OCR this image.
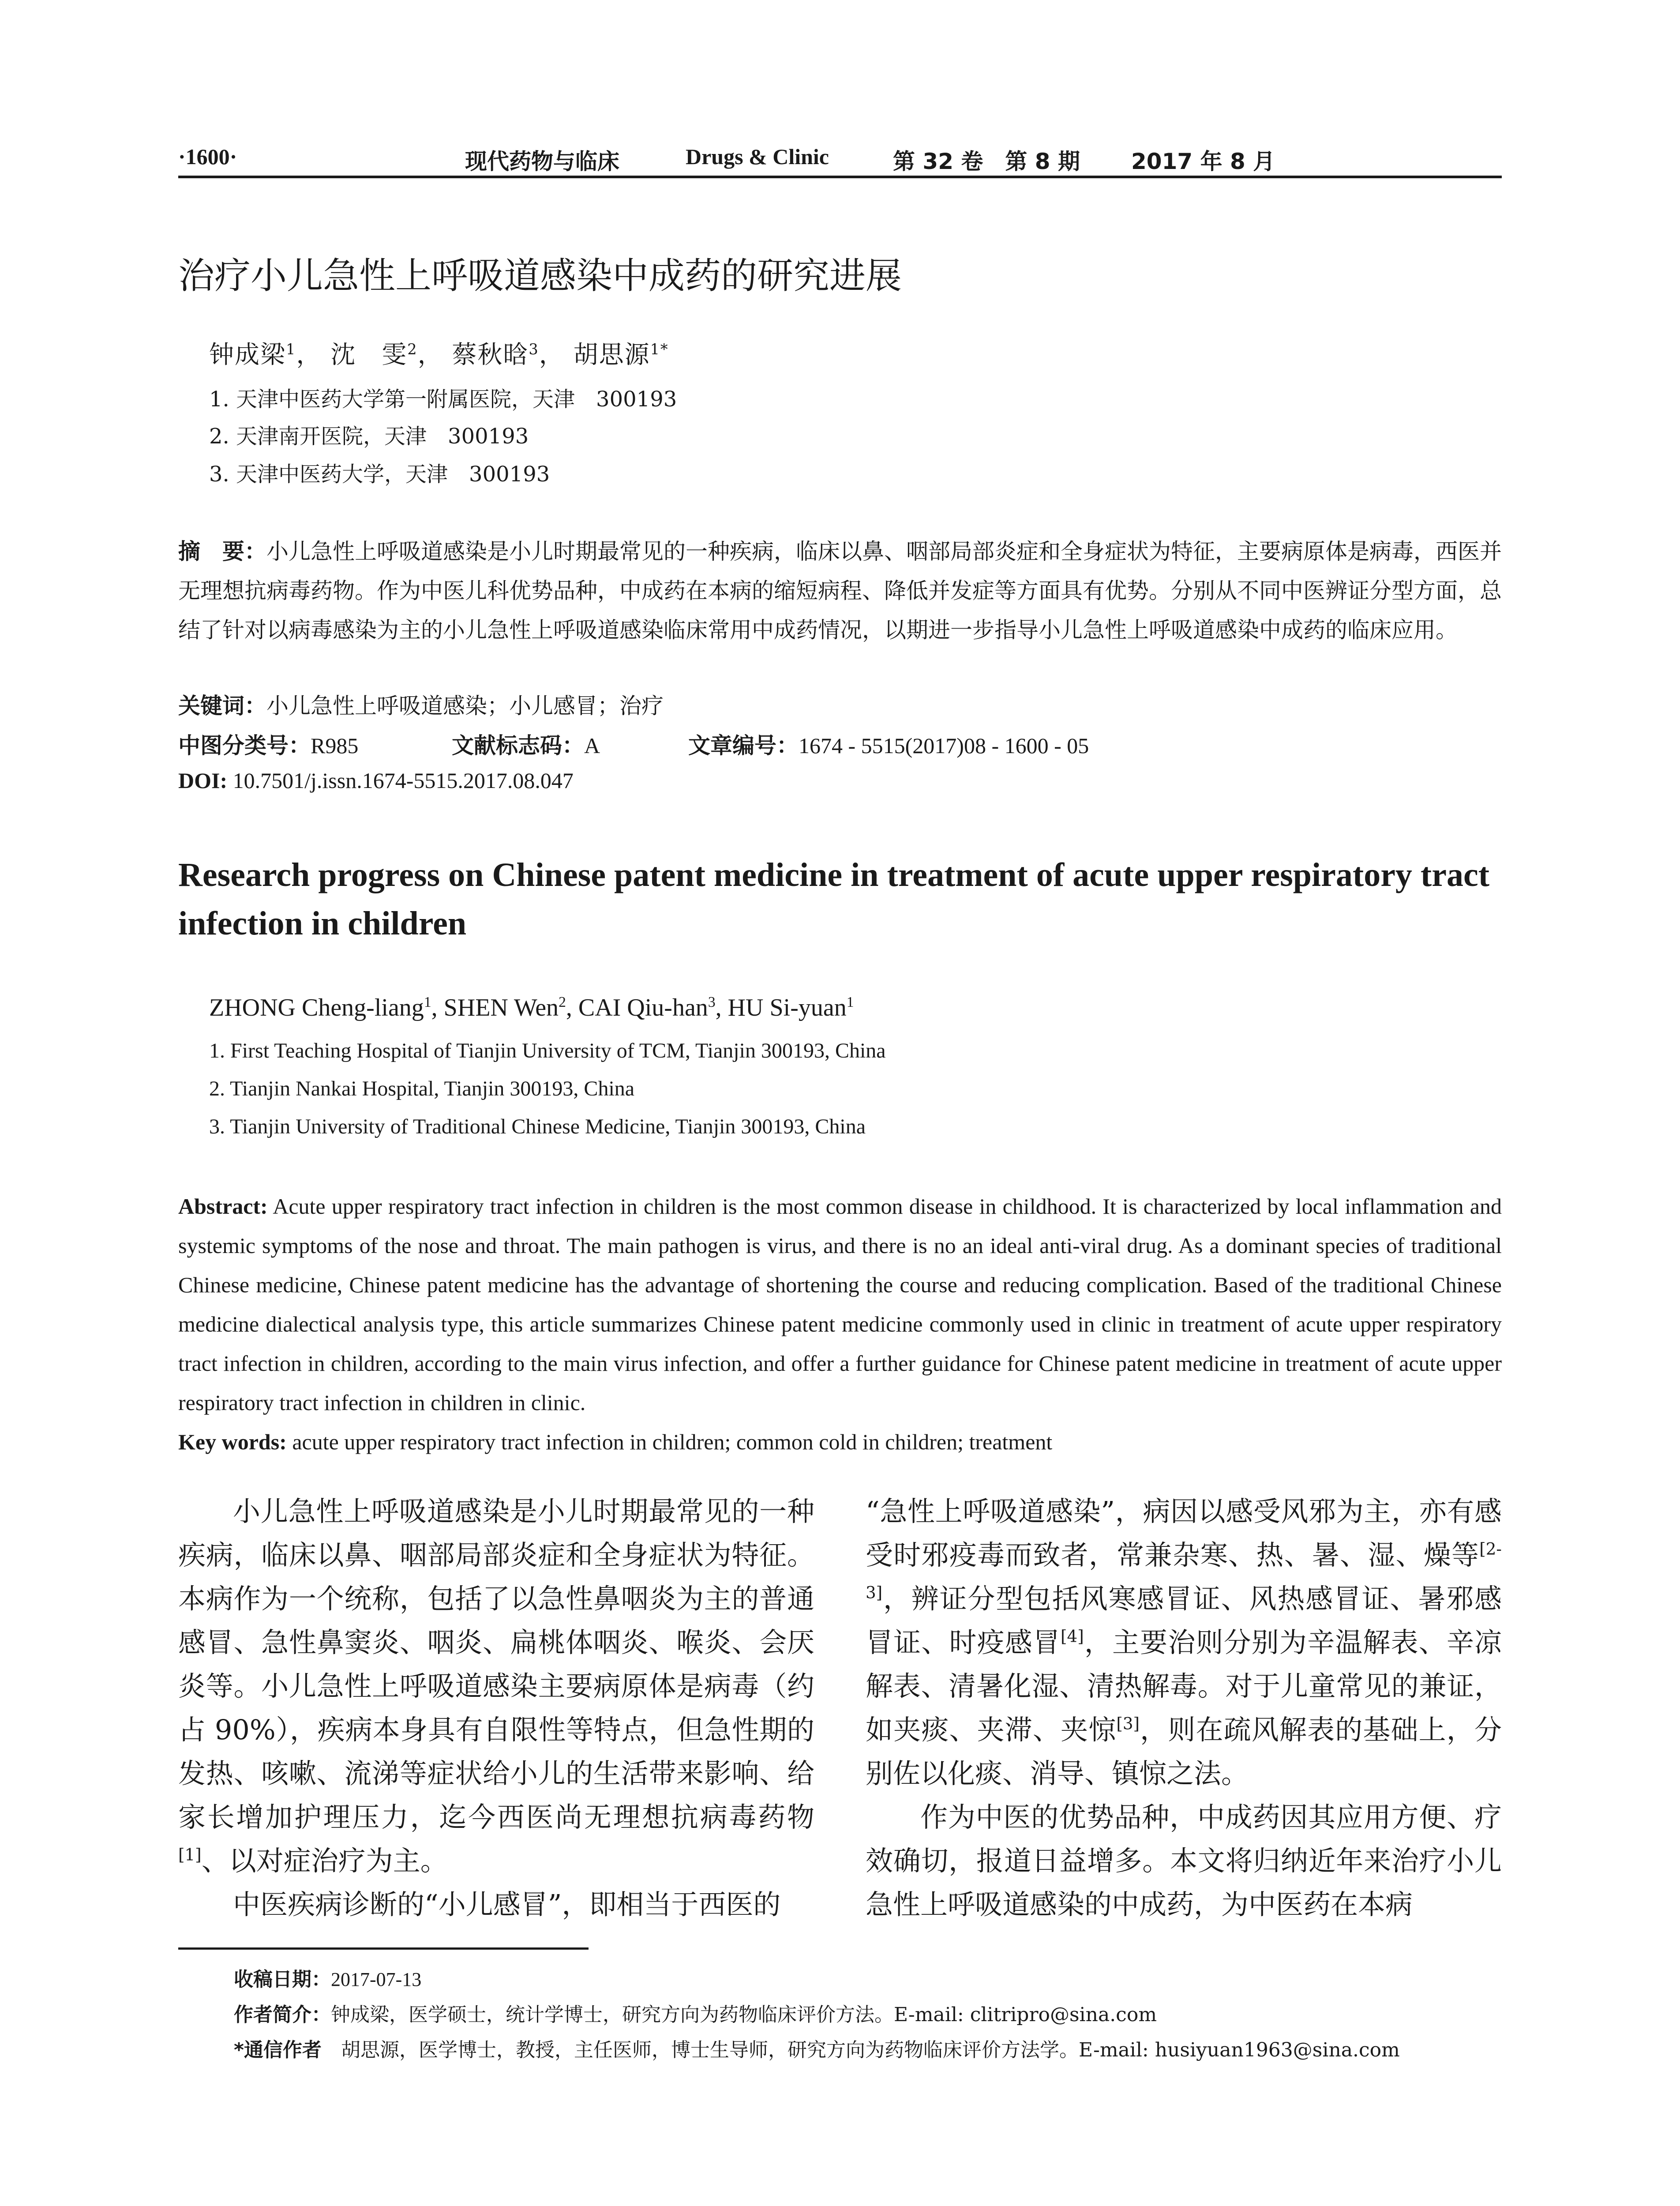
·1600·	现代药物与临床	Drugs & Clinic	第 32 卷　第 8 期 2017 年 8 月
治疗小儿急性上呼吸道感染中成药的研究进展
钟成梁$^1$， 沈　雯$^2$， 蔡秋晗$^3$， 胡思源$^{1*}$
1. 天津中医药大学第一附属医院，天津　300193
2. 天津南开医院，天津　300193
3. 天津中医药大学，天津　300193

摘　要：小儿急性上呼吸道感染是小儿时期最常见的一种疾病，临床以鼻、咽部局部炎症和全身症状为特征，主要病原体是病毒，西医并无理想抗病毒药物。作为中医儿科优势品种，中成药在本病的缩短病程、降低并发症等方面具有优势。分别从不同中医辨证分型方面，总结了针对以病毒感染为主的小儿急性上呼吸道感染临床常用中成药情况，以期进一步指导小儿急性上呼吸道感染中成药的临床应用。

关键词：小儿急性上呼吸道感染；小儿感冒；治疗
中图分类号：R985	文献标志码：A	文章编号：1674 - 5515(2017)08 - 1600 - 05
DOI: 10.7501/j.issn.1674-5515.2017.08.047

Research progress on Chinese patent medicine in treatment of acute upper respiratory tract infection in children

ZHONG Cheng-liang$^1$, SHEN Wen$^2$, CAI Qiu-han$^3$, HU Si-yuan$^1$
1. First Teaching Hospital of Tianjin University of TCM, Tianjin 300193, China
2. Tianjin Nankai Hospital, Tianjin 300193, China
3. Tianjin University of Traditional Chinese Medicine, Tianjin 300193, China

Abstract: Acute upper respiratory tract infection in children is the most common disease in childhood. It is characterized by local inflammation and systemic symptoms of the nose and throat. The main pathogen is virus, and there is no an ideal anti-viral drug. As a dominant species of traditional Chinese medicine, Chinese patent medicine has the advantage of shortening the course and reducing complication. Based of the traditional Chinese medicine dialectical analysis type, this article summarizes Chinese patent medicine commonly used in clinic in treatment of acute upper respiratory tract infection in children, according to the main virus infection, and offer a further guidance for Chinese patent medicine in treatment of acute upper respiratory tract infection in children in clinic.

Key words: acute upper respiratory tract infection in children; common cold in children; treatment

小儿急性上呼吸道感染是小儿时期最常见的一种疾病，临床以鼻、咽部局部炎症和全身症状为特征。本病作为一个统称，包括了以急性鼻咽炎为主的普通感冒、急性鼻窦炎、咽炎、扁桃体咽炎、喉炎、会厌炎等。小儿急性上呼吸道感染主要病原体是病毒（约占 90%），疾病本身具有自限性等特点，但急性期的发热、咳嗽、流涕等症状给小儿的生活带来影响、给家长增加护理压力，迄今西医尚无理想抗病毒药物[1]、以对症治疗为主。

中医疾病诊断的“小儿感冒”，即相当于西医的

“急性上呼吸道感染”，病因以感受风邪为主，亦有感受时邪疫毒而致者，常兼杂寒、热、暑、湿、燥等[2-3]，辨证分型包括风寒感冒证、风热感冒证、暑邪感冒证、时疫感冒[4]，主要治则分别为辛温解表、辛凉解表、清暑化湿、清热解毒。对于儿童常见的兼证，如夹痰、夹滞、夹惊[3]，则在疏风解表的基础上，分别佐以化痰、消导、镇惊之法。

作为中医的优势品种，中成药因其应用方便、疗效确切，报道日益增多。本文将归纳近年来治疗小儿急性上呼吸道感染的中成药，为中医药在本病

收稿日期：2017-07-13
作者简介：钟成梁，医学硕士，统计学博士，研究方向为药物临床评价方法。E-mail: clitripro@sina.com
*通信作者　胡思源，医学博士，教授，主任医师，博士生导师，研究方向为药物临床评价方法学。E-mail: husiyuan1963@sina.com
